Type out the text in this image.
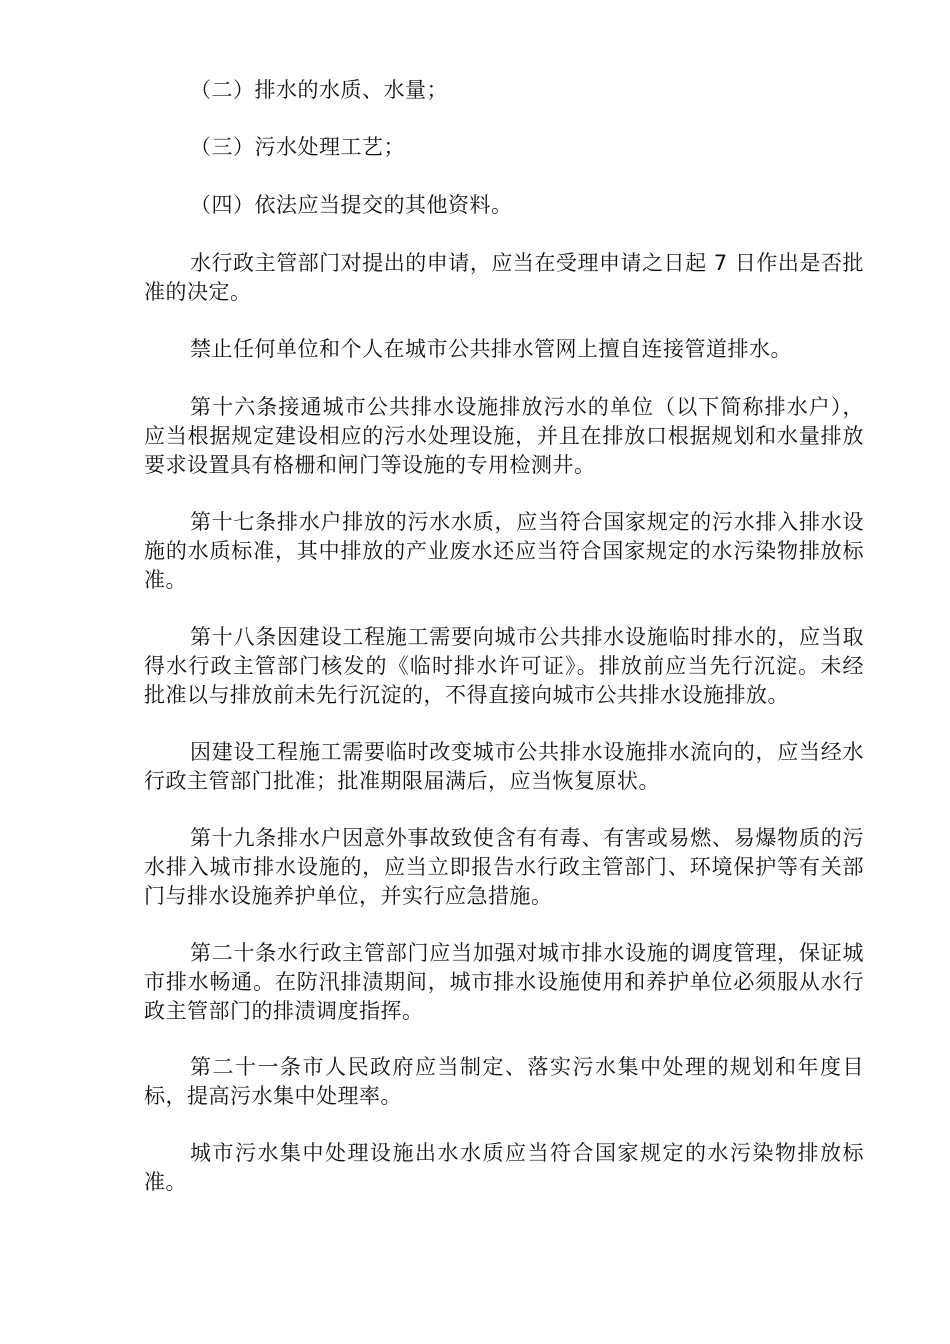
（二）排水的水质、水量；

（三）污水处理工艺；

（四）依法应当提交的其他资料。

水行政主管部门对提出的申请，应当在受理申请之日起 7 日作出是否批准的决定。

禁止任何单位和个人在城市公共排水管网上擅自连接管道排水。

第十六条接通城市公共排水设施排放污水的单位（以下简称排水户），应当根据规定建设相应的污水处理设施，并且在排放口根据规划和水量排放要求设置具有格栅和闸门等设施的专用检测井。

第十七条排水户排放的污水水质，应当符合国家规定的污水排入排水设施的水质标准，其中排放的产业废水还应当符合国家规定的水污染物排放标准。

第十八条因建设工程施工需要向城市公共排水设施临时排水的，应当取得水行政主管部门核发的《临时排水许可证》。排放前应当先行沉淀。未经批准以与排放前未先行沉淀的，不得直接向城市公共排水设施排放。

因建设工程施工需要临时改变城市公共排水设施排水流向的，应当经水行政主管部门批准；批准期限届满后，应当恢复原状。

第十九条排水户因意外事故致使含有有毒、有害或易燃、易爆物质的污水排入城市排水设施的，应当立即报告水行政主管部门、环境保护等有关部门与排水设施养护单位，并实行应急措施。

第二十条水行政主管部门应当加强对城市排水设施的调度管理，保证城市排水畅通。在防汛排渍期间，城市排水设施使用和养护单位必须服从水行政主管部门的排渍调度指挥。

第二十一条市人民政府应当制定、落实污水集中处理的规划和年度目标，提高污水集中处理率。

城市污水集中处理设施出水水质应当符合国家规定的水污染物排放标准。
